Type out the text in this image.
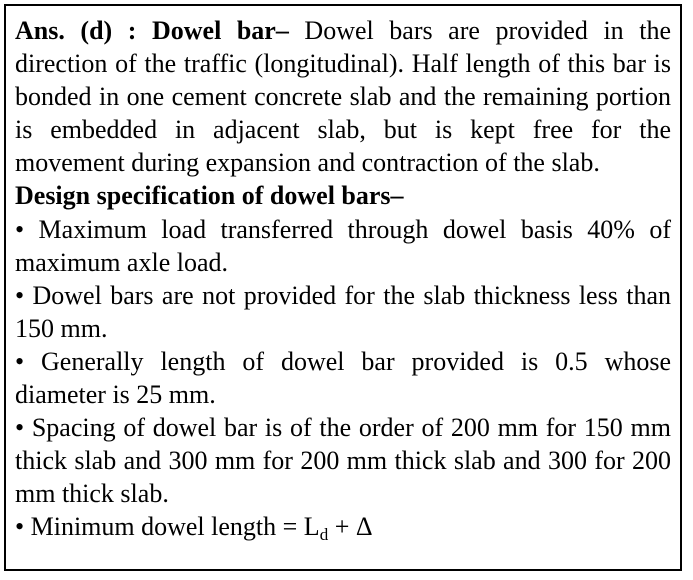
Ans. (d) : Dowel bar– Dowel bars are provided in the direction of the traffic (longitudinal). Half length of this bar is bonded in one cement concrete slab and the remaining portion is embedded in adjacent slab, but is kept free for the movement during expansion and contraction of the slab.

Design specification of dowel bars–

• Maximum load transferred through dowel basis 40% of maximum axle load.

• Dowel bars are not provided for the slab thickness less than 150 mm.

• Generally length of dowel bar provided is 0.5 whose diameter is 25 mm.

• Spacing of dowel bar is of the order of 200 mm for 150 mm thick slab and 300 mm for 200 mm thick slab and 300 for 200 mm thick slab.

• Minimum dowel length = $L_d + \Delta$
